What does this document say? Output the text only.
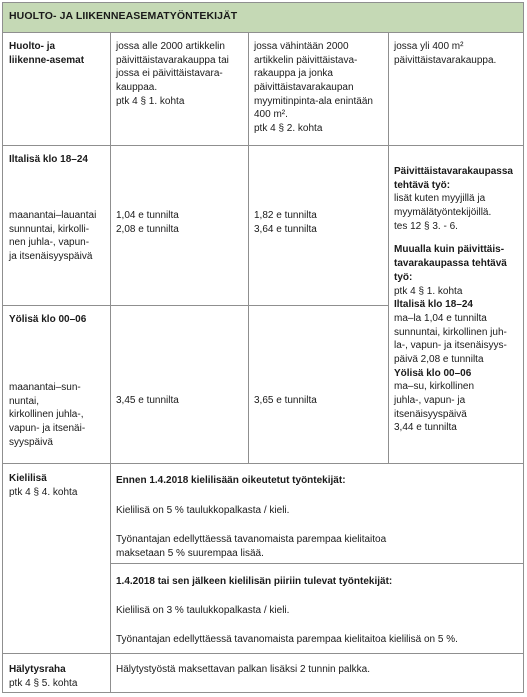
HUOLTO- JA LIIKENNEASEMATYÖNTEKIJÄT
Huolto- ja
liikenne-asemat
jossa alle 2000 artikkelin
päivittäistavarakauppa tai
jossa ei päivittäistavara-
kauppaa.
ptk 4 § 1. kohta
jossa vähintään 2000
artikkelin päivittäistava-
rakauppa ja jonka
päivittäistavarakaupan
myymitinpinta-ala enintään
400 m².
ptk 4 § 2. kohta
jossa yli 400 m²
päivittäistavarakauppa.
Iltalisä klo 18–24
maanantai–lauantai
sunnuntai, kirkolli-
nen juhla-, vapun-
ja itsenäisyyspäivä
1,04 e tunnilta
2,08 e tunnilta
1,82 e tunnilta
3,64 e tunnilta
Yölisä klo 00–06
maanantai–sun-
nuntai,
kirkollinen juhla-,
vapun- ja itsenäi-
syyspäivä
3,45 e tunnilta	3,65 e tunnilta
Päivittäistavarakaupassa
tehtävä työ:
lisät kuten myyjillä ja
myymälätyöntekijöillä.
tes 12 § 3. - 6.
Muualla kuin päivittäis-
tavarakaupassa tehtävä
työ:
ptk 4 § 1. kohta
Iltalisä klo 18–24
ma–la 1,04 e tunnilta
sunnuntai, kirkollinen juh-
la-, vapun- ja itsenäisyys-
päivä 2,08 e tunnilta
Yölisä klo 00–06
ma–su, kirkollinen
juhla-, vapun- ja
itsenäisyyspäivä
3,44 e tunnilta
Kielilisä
ptk 4 § 4. kohta
Ennen 1.4.2018 kielilisään oikeutetut työntekijät:
Kielilisä on 5 % taulukkopalkasta / kieli.
Työnantajan edellyttäessä tavanomaista parempaa kielitaitoa
maksetaan 5 % suurempaa lisää.
1.4.2018 tai sen jälkeen kielilisän piiriin tulevat työntekijät:
Kielilisä on 3 % taulukkopalkasta / kieli.
Työnantajan edellyttäessä tavanomaista parempaa kielitaitoa kielilisä on 5 %.
Hälytysraha
ptk 4 § 5. kohta
Hälytystyöstä maksettavan palkan lisäksi 2 tunnin palkka.
